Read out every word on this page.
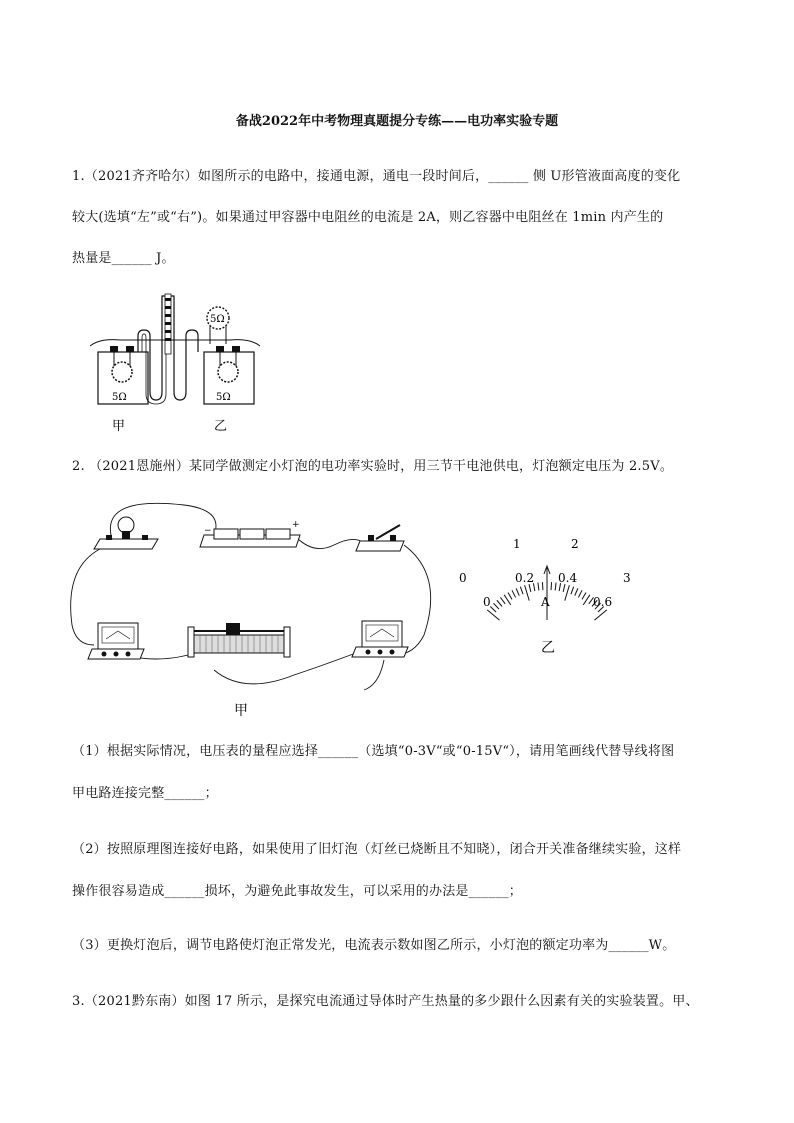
备战2022年中考物理真题提分专练——电功率实验专题
1.（2021齐齐哈尔）如图所示的电路中，接通电源，通电一段时间后，______ 侧 U形管液面高度的变化
较大(选填“左”或“右”)。如果通过甲容器中电阻丝的电流是 2A，则乙容器中电阻丝在 1min 内产生的
热量是______ J。
5Ω
5Ω	5Ω
甲	乙
2. （2021恩施州）某同学做测定小灯泡的电功率实验时，用三节干电池供电，灯泡额定电压为 2.5V。
−
+
甲
0
1	2
3
0
0.2 0.4
0.6
A
乙
（1）根据实际情况，电压表的量程应选择______（选填“0-3V“或“0-15V“），请用笔画线代替导线将图
甲电路连接完整______；
（2）按照原理图连接好电路，如果使用了旧灯泡（灯丝已烧断且不知晓），闭合开关准备继续实验，这样
操作很容易造成______损坏，为避免此事故发生，可以采用的办法是______；
（3）更换灯泡后，调节电路使灯泡正常发光，电流表示数如图乙所示，小灯泡的额定功率为______W。
3.（2021黔东南）如图 17 所示，是探究电流通过导体时产生热量的多少跟什么因素有关的实验装置。甲、
